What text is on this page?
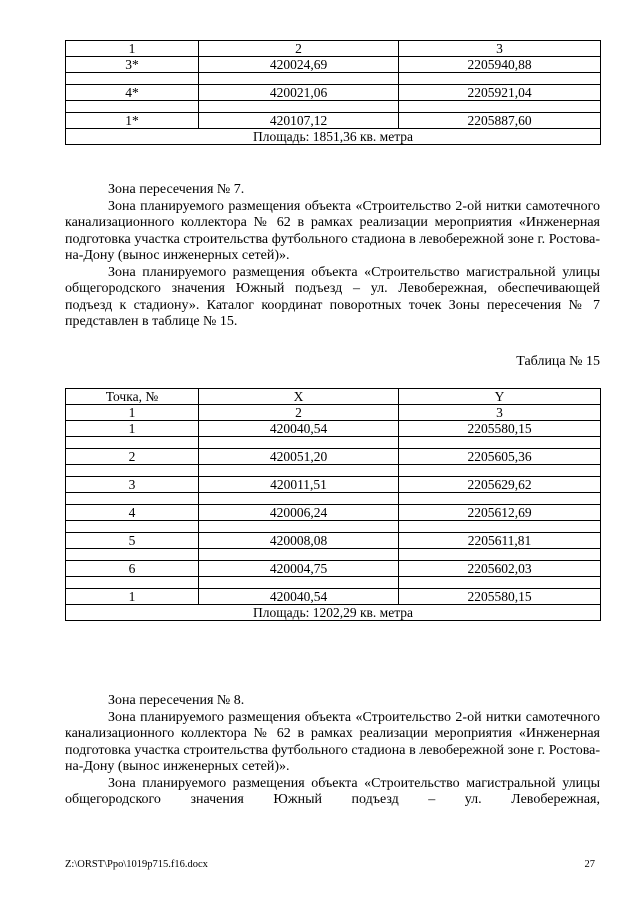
1	2	3
3*	420024,69	2205940,88

4*	420021,06	2205921,04

1*	420107,12	2205887,60
Площадь: 1851,36 кв. метра		

Зона пересечения № 7.

Зона планируемого размещения объекта «Строительство 2-ой нитки самотечного канализационного коллектора № 62 в рамках реализации мероприятия «Инженерная подготовка участка строительства футбольного стадиона в левобережной зоне г. Ростова-на-Дону (вынос инженерных сетей)».

Зона планируемого размещения объекта «Строительство магистральной улицы общегородского значения Южный подъезд – ул. Левобережная, обеспечивающей подъезд к стадиону». Каталог координат поворотных точек Зоны пересечения № 7 представлен в таблице № 15.

Таблица № 15
Точка, №	X	Y
1	2	3
1	420040,54	2205580,15

2	420051,20	2205605,36

3	420011,51	2205629,62

4	420006,24	2205612,69

5	420008,08	2205611,81

6	420004,75	2205602,03

1	420040,54	2205580,15
Площадь: 1202,29 кв. метра		

Зона пересечения № 8.

Зона планируемого размещения объекта «Строительство 2-ой нитки самотечного канализационного коллектора № 62 в рамках реализации мероприятия «Инженерная подготовка участка строительства футбольного стадиона в левобережной зоне г. Ростова-на-Дону (вынос инженерных сетей)».

Зона планируемого размещения объекта «Строительство магистральной улицы общегородского значения Южный подъезд – ул. Левобережная,

Z:\ORST\Ppo\1019p715.f16.docx	27
